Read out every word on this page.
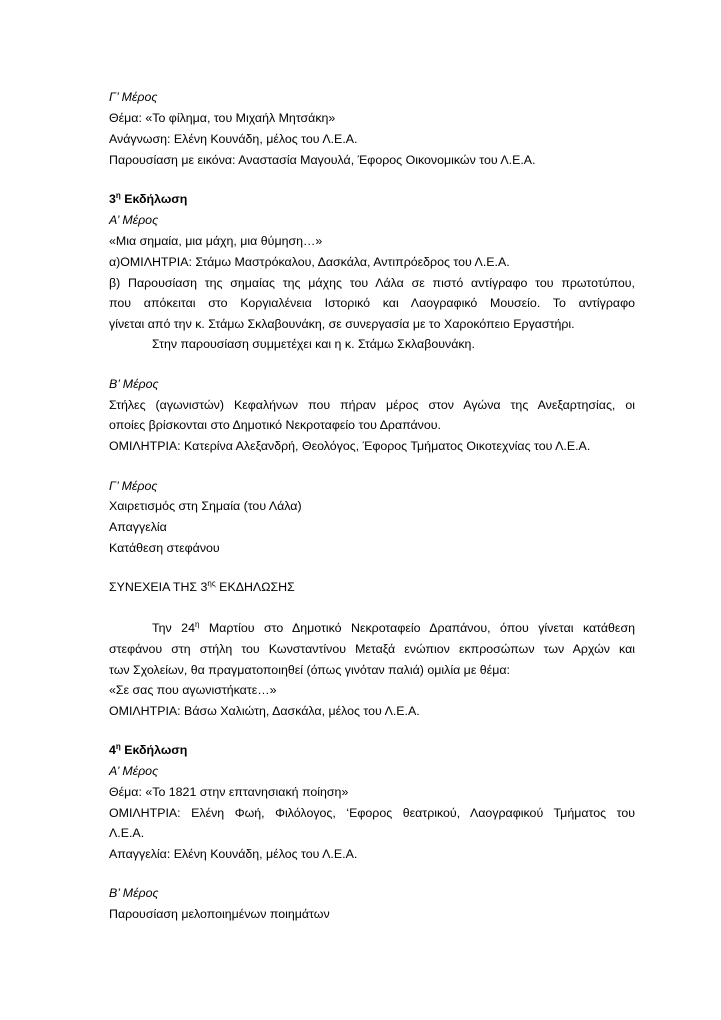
Γ’ Μέρος
Θέμα: «Το φίλημα, του Μιχαήλ Μητσάκη»
Ανάγνωση: Ελένη Κουνάδη, μέλος του Λ.Ε.Α.
Παρουσίαση με εικόνα: Αναστασία Μαγουλά, Έφορος Οικονομικών του Λ.Ε.Α.
$3^\eta$ Εκδήλωση
Α’ Μέρος
«Μια σημαία, μια μάχη, μια θύμηση…»
α)ΟΜΙΛΗΤΡΙΑ: Στάμω Μαστρόκαλου, Δασκάλα, Αντιπρόεδρος του Λ.Ε.Α.
β) Παρουσίαση της σημαίας της μάχης του Λάλα σε πιστό αντίγραφο του πρωτοτύπου,
που απόκειται στο Κοργιαλένεια Ιστορικό και Λαογραφικό Μουσείο. Το αντίγραφο
γίνεται από την κ. Στάμω Σκλαβουνάκη, σε συνεργασία με το Χαροκόπειο Εργαστήρι.
Στην παρουσίαση συμμετέχει και η κ. Στάμω Σκλαβουνάκη.
Β’ Μέρος
Στήλες (αγωνιστών) Κεφαλήνων που πήραν μέρος στον Αγώνα της Ανεξαρτησίας, οι
οποίες βρίσκονται στο Δημοτικό Νεκροταφείο του Δραπάνου.
ΟΜΙΛΗΤΡΙΑ: Κατερίνα Αλεξανδρή, Θεολόγος, Έφορος Τμήματος Οικοτεχνίας του Λ.Ε.Α.
Γ’ Μέρος
Χαιρετισμός στη Σημαία (του Λάλα)
Απαγγελία
Κατάθεση στεφάνου
ΣΥΝΕΧΕΙΑ ΤΗΣ $3^{\eta\varsigma}$ ΕΚΔΗΛΩΣΗΣ
Την $24^\eta$ Μαρτίου στο Δημοτικό Νεκροταφείο Δραπάνου, όπου γίνεται κατάθεση
στεφάνου στη στήλη του Κωνσταντίνου Μεταξά ενώπιον εκπροσώπων των Αρχών και
των Σχολείων, θα πραγματοποιηθεί (όπως γινόταν παλιά) ομιλία με θέμα:
«Σε σας που αγωνιστήκατε…»
ΟΜΙΛΗΤΡΙΑ: Βάσω Χαλιώτη, Δασκάλα, μέλος του Λ.Ε.Α.
$4^\eta$ Εκδήλωση
Α’ Μέρος
Θέμα: «Το 1821 στην επτανησιακή ποίηση»
ΟΜΙΛΗΤΡΙΑ: Ελένη Φωή, Φιλόλογος, ‘Εφορος θεατρικού, Λαογραφικού Τμήματος του
Λ.Ε.Α.
Απαγγελία: Ελένη Κουνάδη, μέλος του Λ.Ε.Α.
Β’ Μέρος
Παρουσίαση μελοποιημένων ποιημάτων
